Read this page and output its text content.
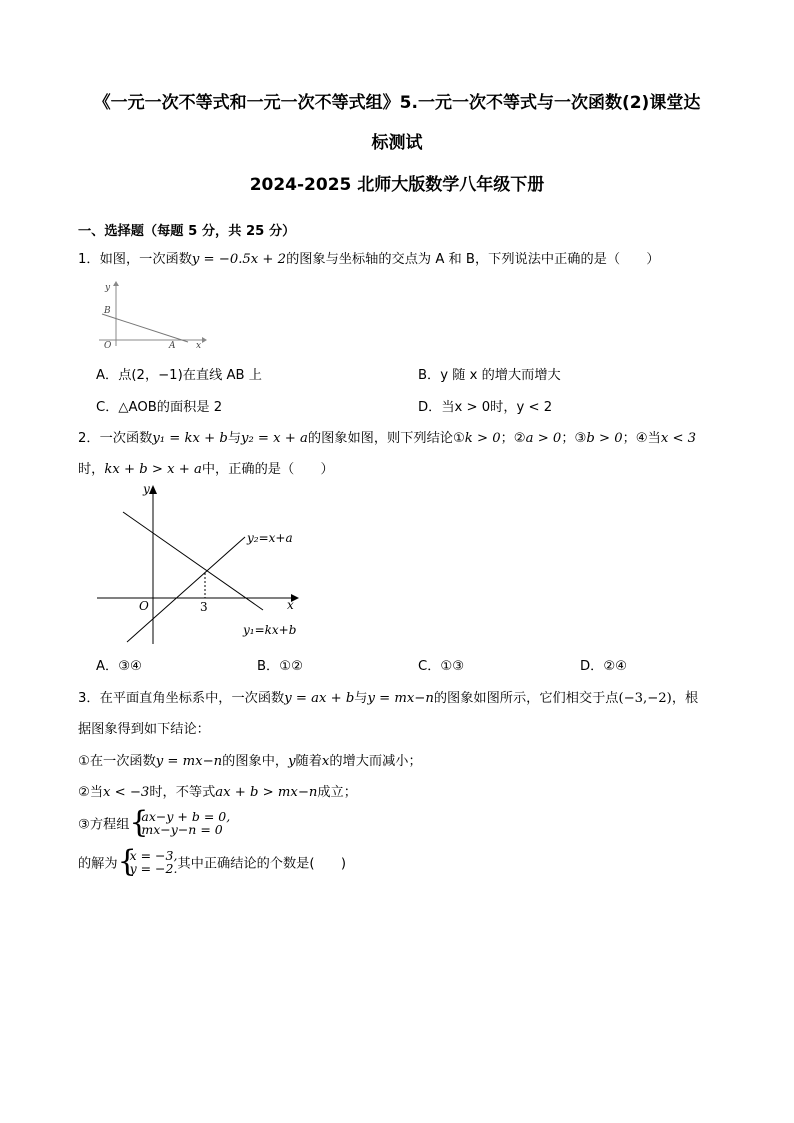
《一元一次不等式和一元一次不等式组》5.一元一次不等式与一次函数(2)课堂达
标测试
2024-2025 北师大版数学八年级下册
一、选择题（每题 5 分，共 25 分）
1．如图，一次函数y = −0.5x + 2的图象与坐标轴的交点为 A 和 B，下列说法中正确的是（　　）
y
x
B
O	A
A．点(2，−1)在直线 AB 上	B．y 随 x 的增大而增大
C．△AOB的面积是 2	D．当x > 0时，y < 2
2．一次函数y₁ = kx + b与y₂ = x + a的图象如图，则下列结论①k > 0；②a > 0；③b > 0；④当x < 3
时，kx + b > x + a中，正确的是（　　）
y
x
O	3
y₂=x+a
y₁=kx+b
A．③④	B．①②	C．①③	D．②④
3．在平面直角坐标系中，一次函数y = ax + b与y = mx−n的图象如图所示，它们相交于点(−3,−2)，根
据图象得到如下结论：
①在一次函数y = mx−n的图象中，y随着x的增大而减小；
②当x < −3时，不等式ax + b > mx−n成立；
③方程组 {
ax−y + b = 0,
mx−y−n = 0
的解为 {
x = −3,
y = −2. 其中正确结论的个数是(　　)
